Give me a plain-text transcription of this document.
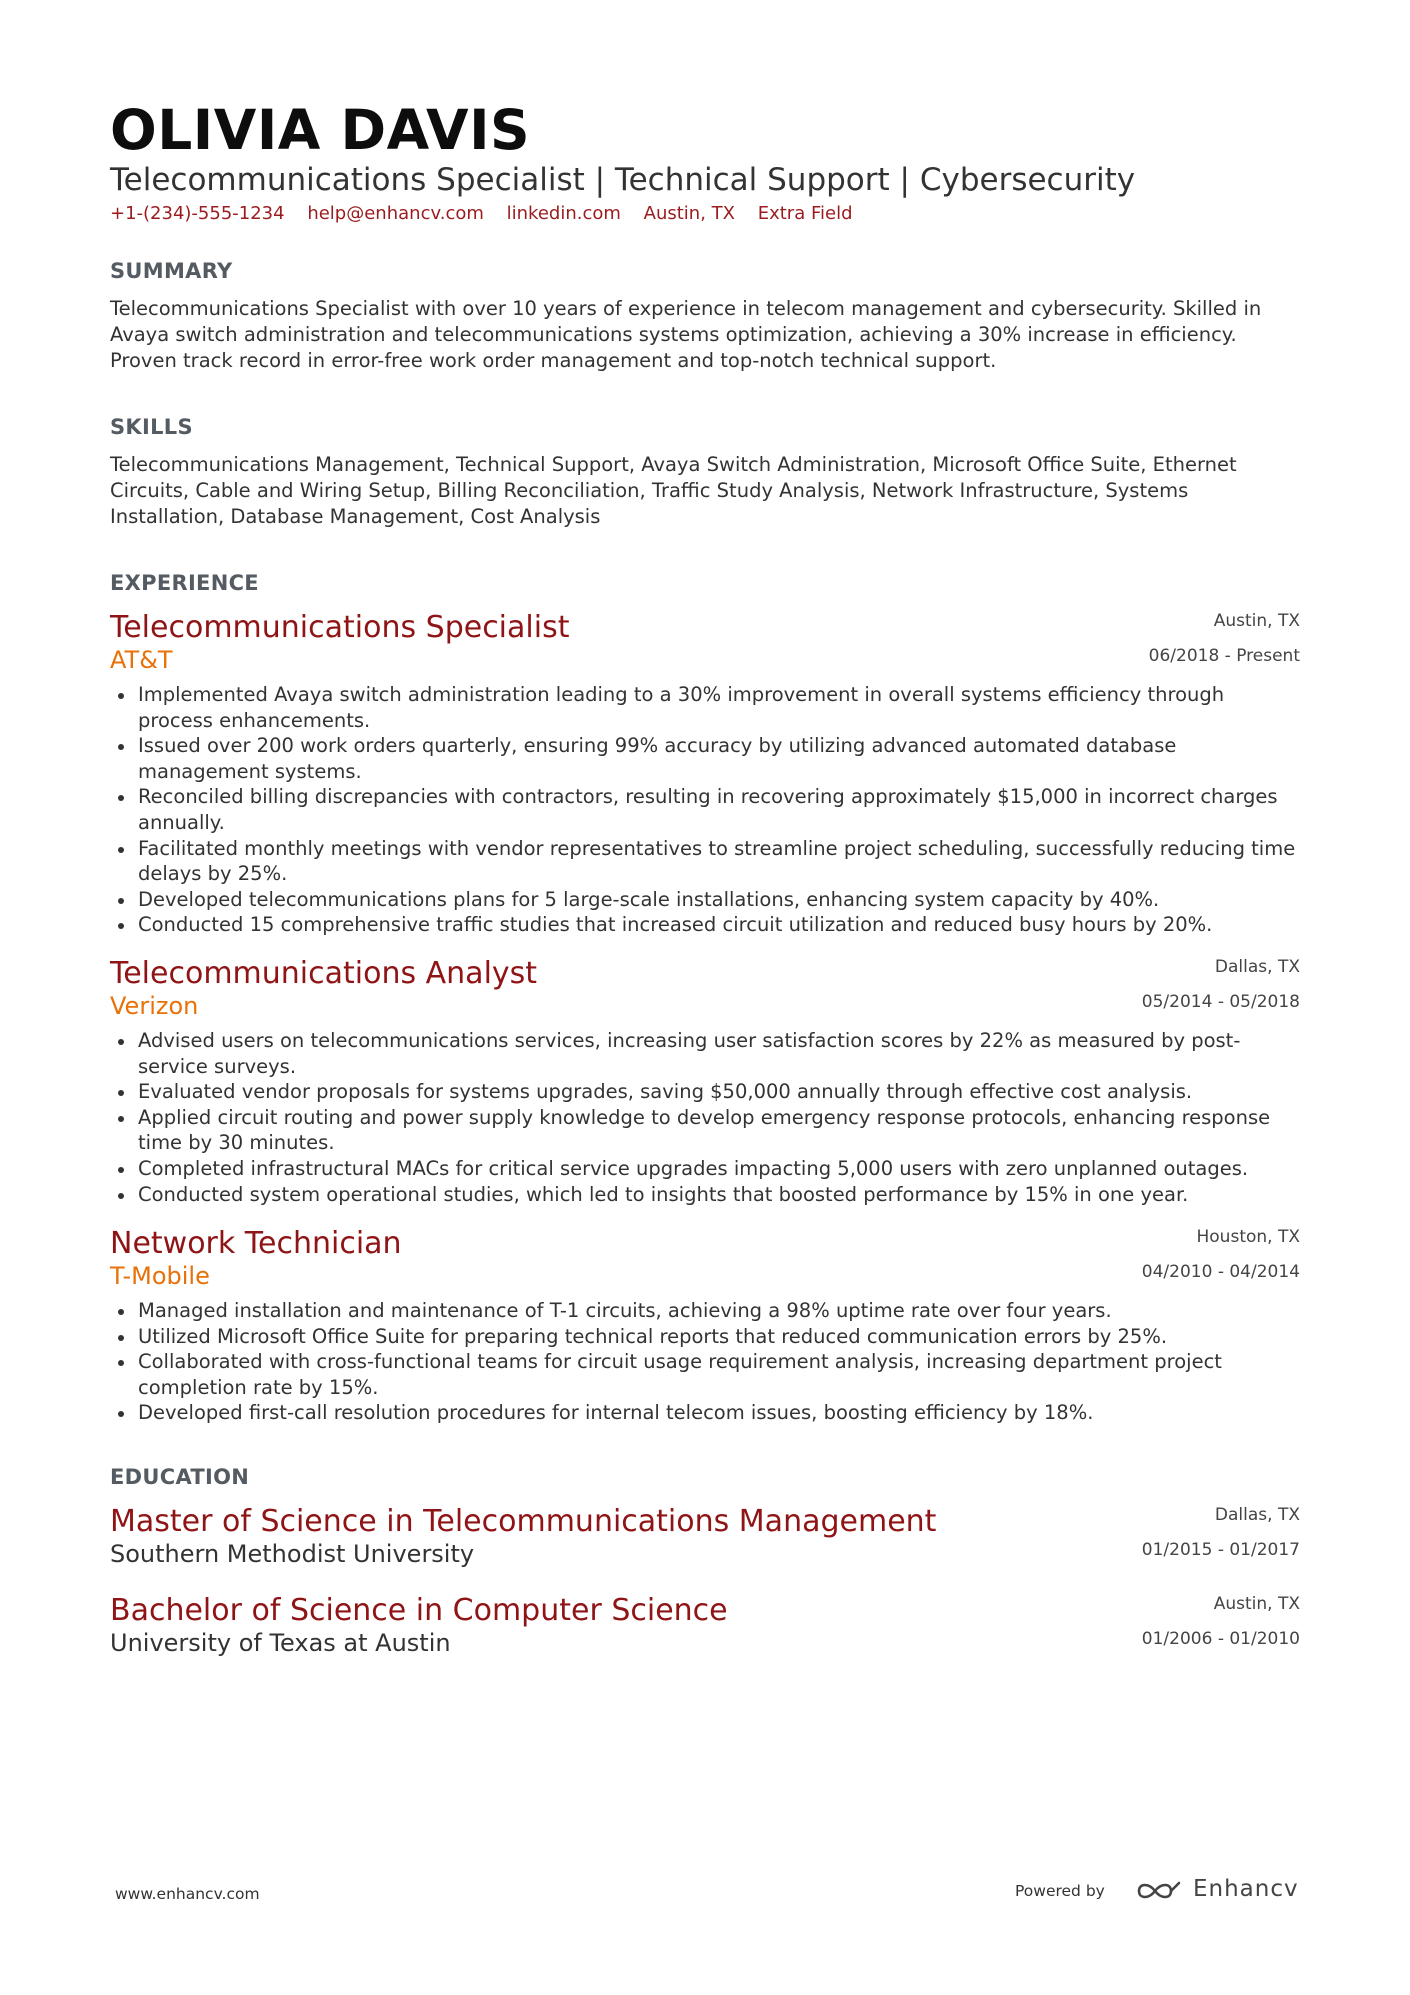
OLIVIA DAVIS
Telecommunications Specialist | Technical Support | Cybersecurity
+1-(234)-555-1234 help@enhancv.com linkedin.com Austin, TX Extra Field
SUMMARY
Telecommunications Specialist with over 10 years of experience in telecom management and cybersecurity. Skilled in Avaya switch administration and telecommunications systems optimization, achieving a 30% increase in efficiency. Proven track record in error-free work order management and top-notch technical support.
SKILLS
Telecommunications Management, Technical Support, Avaya Switch Administration, Microsoft Office Suite, Ethernet Circuits, Cable and Wiring Setup, Billing Reconciliation, Traffic Study Analysis, Network Infrastructure, Systems Installation, Database Management, Cost Analysis
EXPERIENCE
Telecommunications Specialist
AT&T
Austin, TX
06/2018 - Present
Implemented Avaya switch administration leading to a 30% improvement in overall systems efficiency through process enhancements.
Issued over 200 work orders quarterly, ensuring 99% accuracy by utilizing advanced automated database management systems.
Reconciled billing discrepancies with contractors, resulting in recovering approximately $15,000 in incorrect charges annually.
Facilitated monthly meetings with vendor representatives to streamline project scheduling, successfully reducing time delays by 25%.
Developed telecommunications plans for 5 large-scale installations, enhancing system capacity by 40%.
Conducted 15 comprehensive traffic studies that increased circuit utilization and reduced busy hours by 20%.
Telecommunications Analyst
Verizon
Dallas, TX
05/2014 - 05/2018
Advised users on telecommunications services, increasing user satisfaction scores by 22% as measured by post-service surveys.
Evaluated vendor proposals for systems upgrades, saving $50,000 annually through effective cost analysis.
Applied circuit routing and power supply knowledge to develop emergency response protocols, enhancing response time by 30 minutes.
Completed infrastructural MACs for critical service upgrades impacting 5,000 users with zero unplanned outages.
Conducted system operational studies, which led to insights that boosted performance by 15% in one year.
Network Technician
T-Mobile
Houston, TX
04/2010 - 04/2014
Managed installation and maintenance of T-1 circuits, achieving a 98% uptime rate over four years.
Utilized Microsoft Office Suite for preparing technical reports that reduced communication errors by 25%.
Collaborated with cross-functional teams for circuit usage requirement analysis, increasing department project completion rate by 15%.
Developed first-call resolution procedures for internal telecom issues, boosting efficiency by 18%.
EDUCATION
Master of Science in Telecommunications Management
Southern Methodist University
Dallas, TX
01/2015 - 01/2017
Bachelor of Science in Computer Science
University of Texas at Austin
Austin, TX
01/2006 - 01/2010
www.enhancv.com	Powered by	Enhancv
